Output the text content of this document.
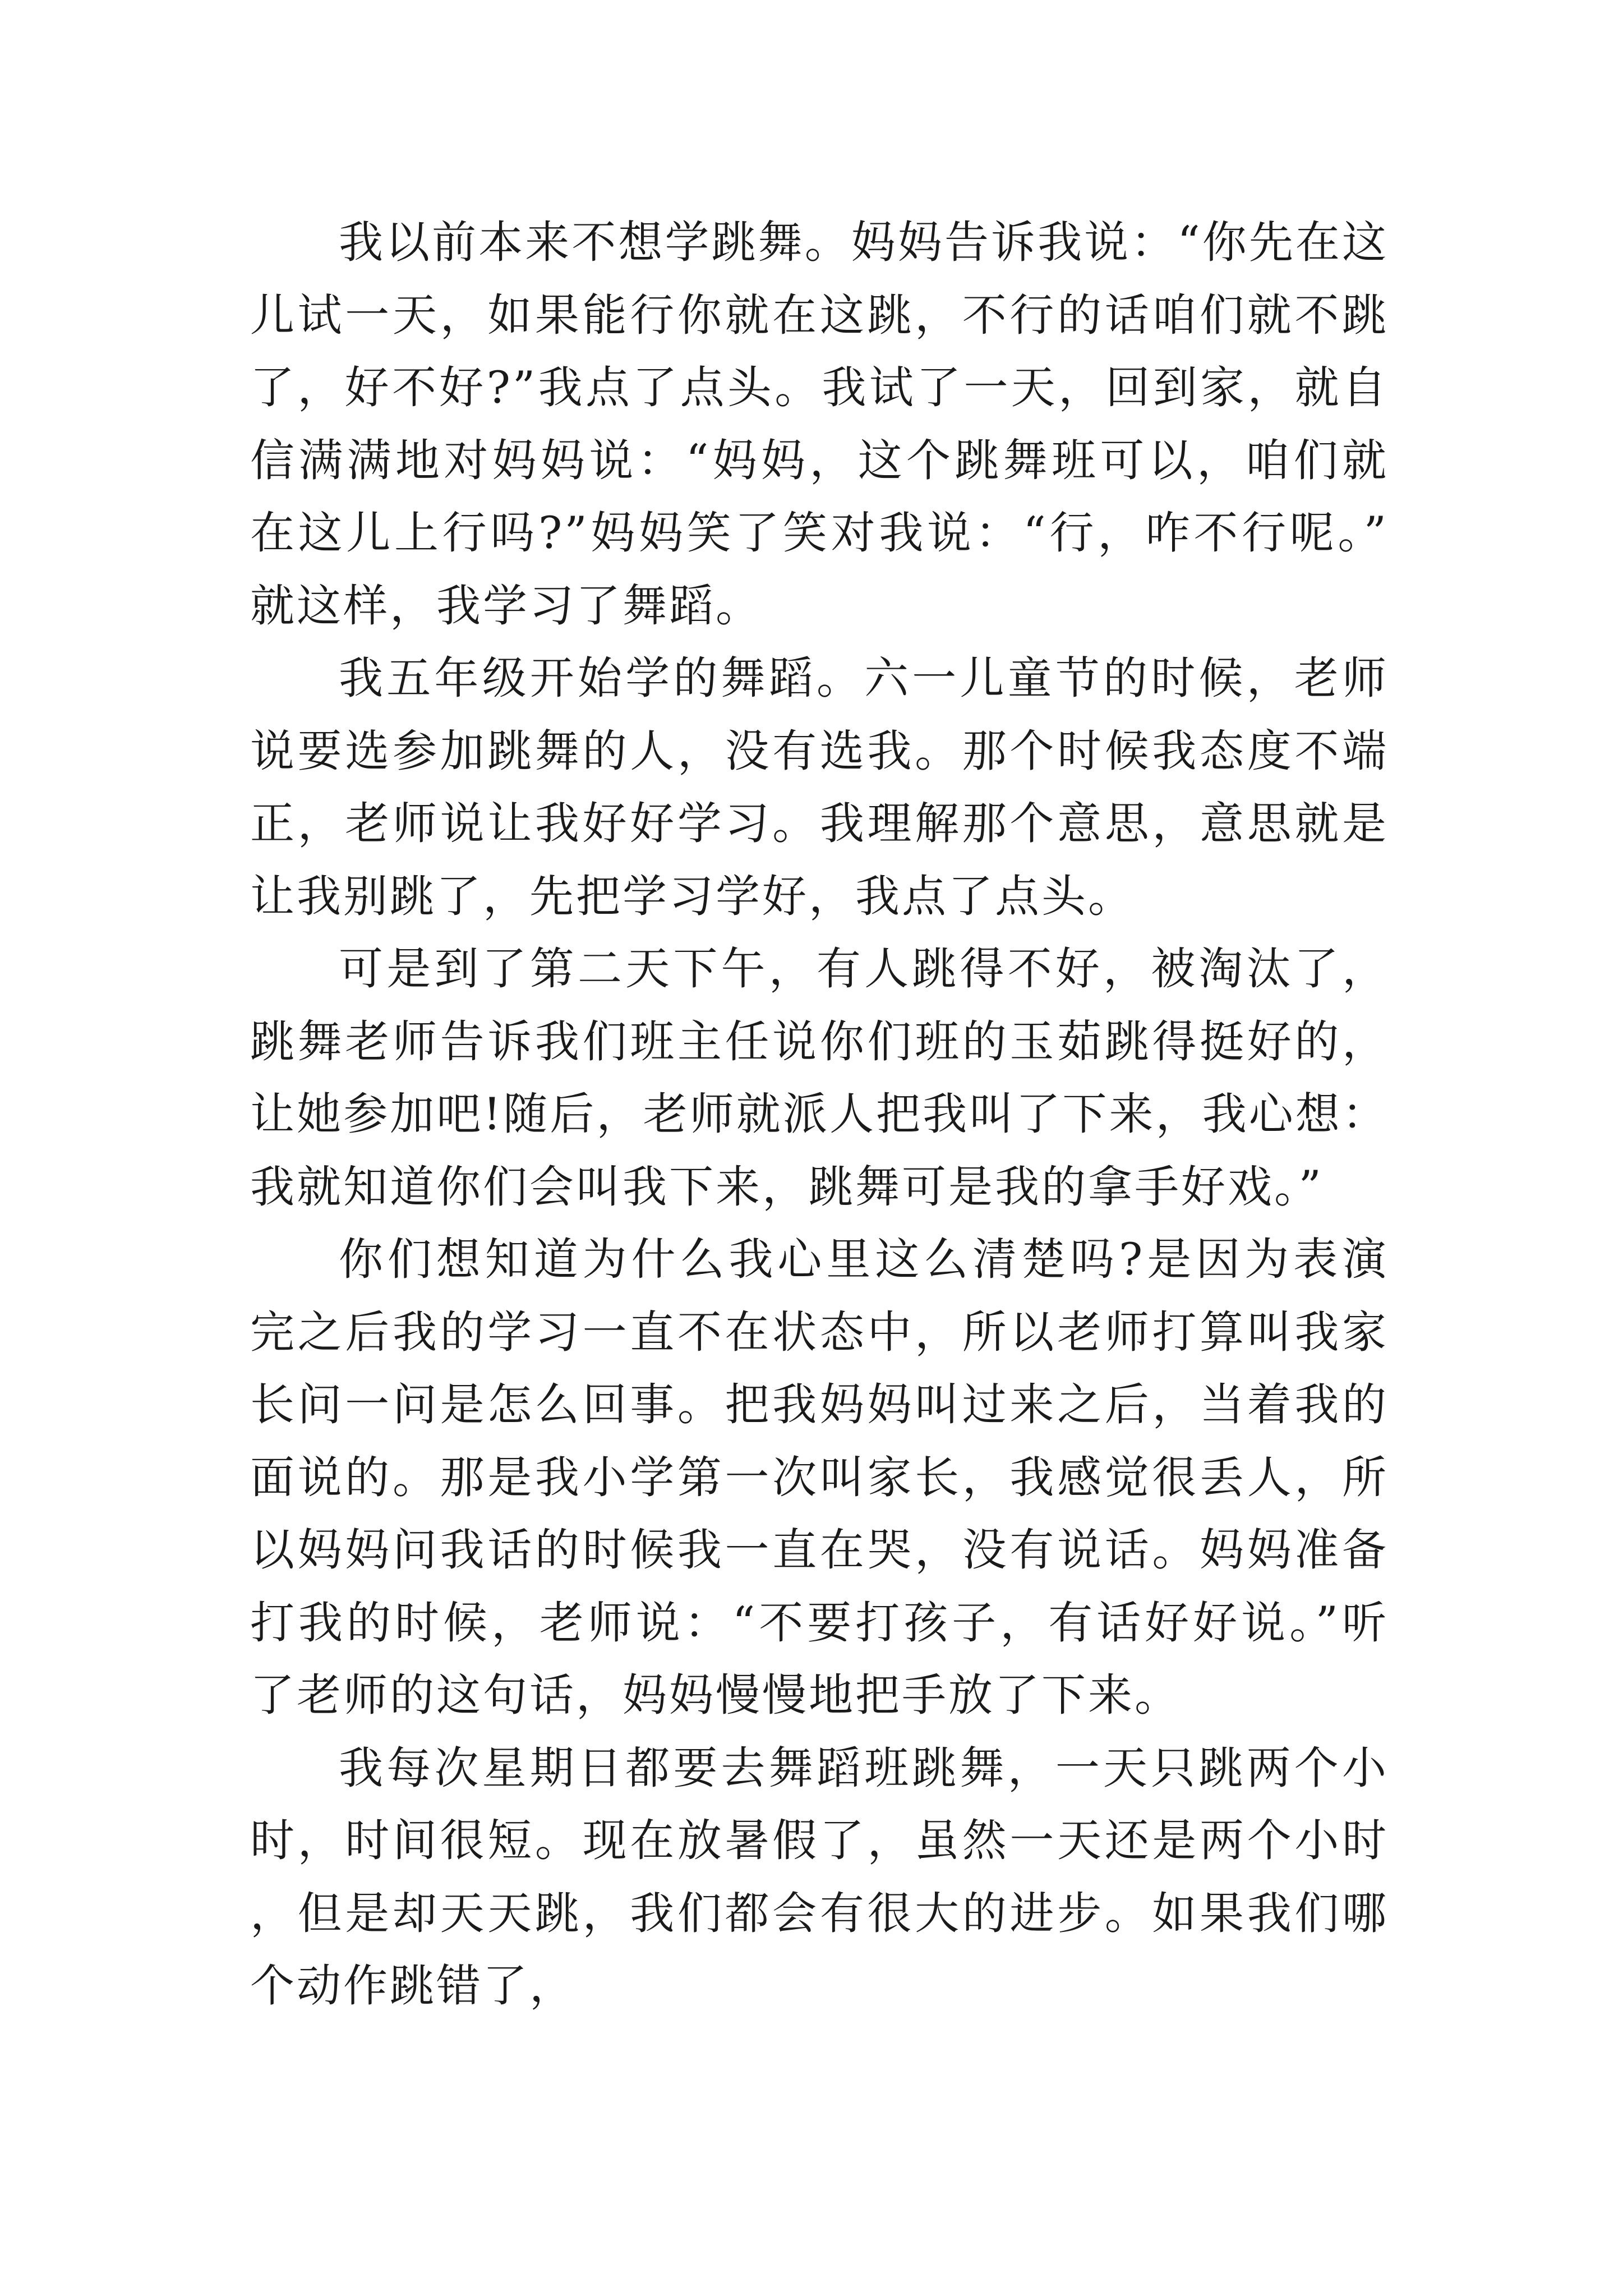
我以前本来不想学跳舞。妈妈告诉我说：“你先在这儿试一天，如果能行你就在这跳，不行的话咱们就不跳了，好不好?”我点了点头。我试了一天，回到家，就自信满满地对妈妈说：“妈妈，这个跳舞班可以，咱们就在这儿上行吗?”妈妈笑了笑对我说：“行，咋不行呢。”就这样，我学习了舞蹈。

我五年级开始学的舞蹈。六一儿童节的时候，老师说要选参加跳舞的人，没有选我。那个时候我态度不端正，老师说让我好好学习。我理解那个意思，意思就是让我别跳了，先把学习学好，我点了点头。

可是到了第二天下午，有人跳得不好，被淘汰了，跳舞老师告诉我们班主任说你们班的玉茹跳得挺好的，让她参加吧!随后，老师就派人把我叫了下来，我心想：我就知道你们会叫我下来，跳舞可是我的拿手好戏。”

你们想知道为什么我心里这么清楚吗?是因为表演完之后我的学习一直不在状态中，所以老师打算叫我家长问一问是怎么回事。把我妈妈叫过来之后，当着我的面说的。那是我小学第一次叫家长，我感觉很丢人，所以妈妈问我话的时候我一直在哭，没有说话。妈妈准备打我的时候，老师说：“不要打孩子，有话好好说。”听了老师的这句话，妈妈慢慢地把手放了下来。

我每次星期日都要去舞蹈班跳舞，一天只跳两个小时，时间很短。现在放暑假了，虽然一天还是两个小时，但是却天天跳，我们都会有很大的进步。如果我们哪个动作跳错了，
